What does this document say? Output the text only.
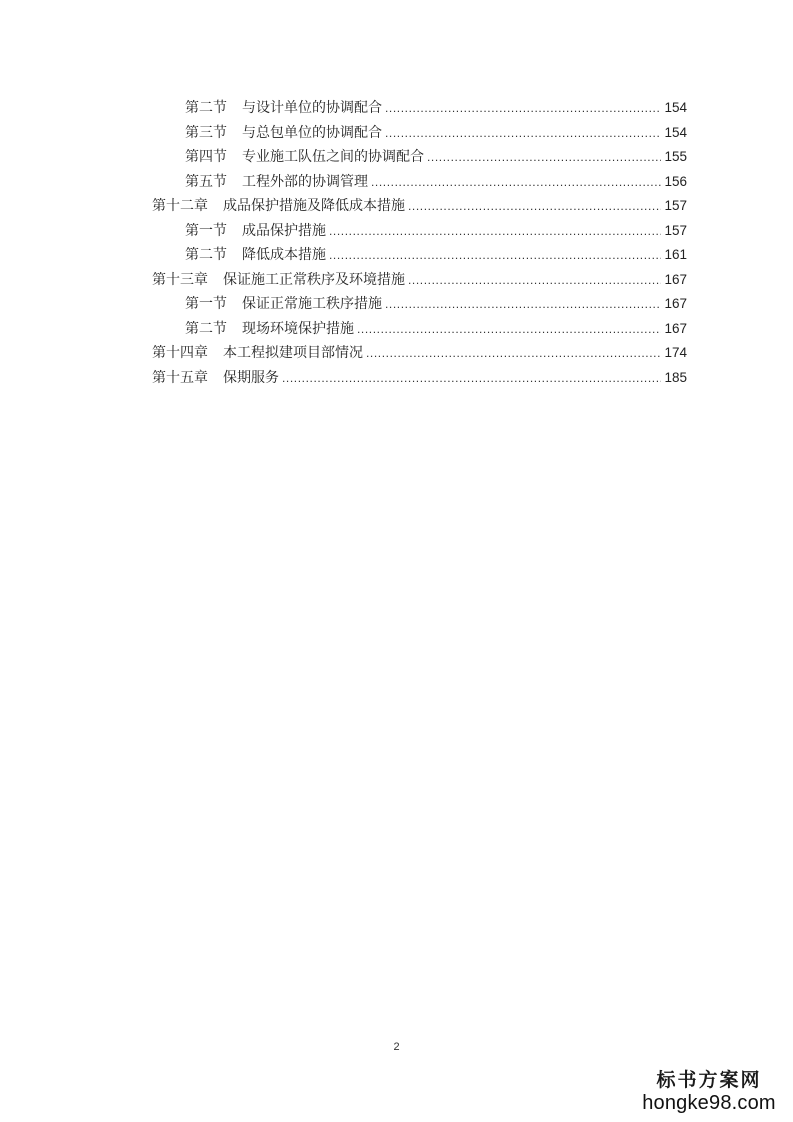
第二节 与设计单位的协调配合 .....	154
第三节 与总包单位的协调配合 .....	154
第四节 专业施工队伍之间的协调配合 .....	155
第五节 工程外部的协调管理 .....	156
第十二章 成品保护措施及降低成本措施 .....	157
第一节 成品保护措施 .....	157
第二节 降低成本措施 .....	161
第十三章 保证施工正常秩序及环境措施 .....	167
第一节 保证正常施工秩序措施 .....	167
第二节 现场环境保护措施 .....	167
第十四章 本工程拟建项目部情况 .....	174
第十五章 保期服务 .....	185
2
标书方案网
hongke98.com
